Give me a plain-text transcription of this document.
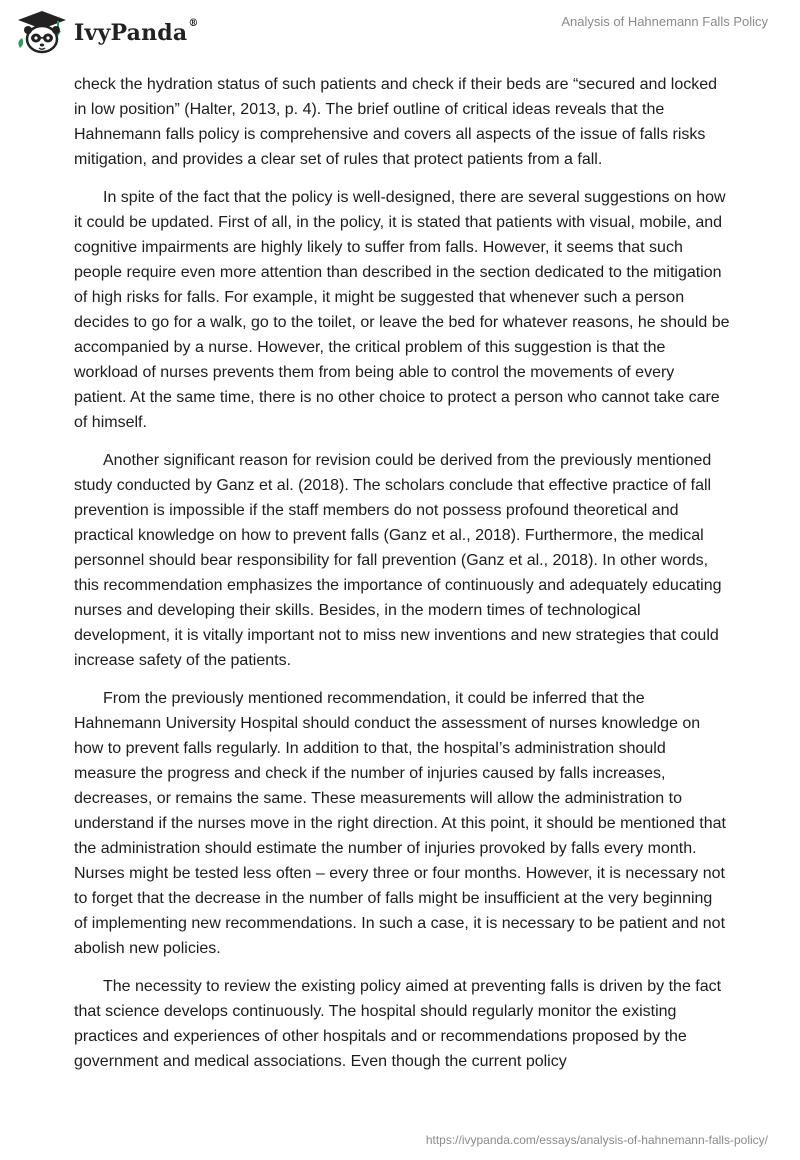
IvyPanda®	Analysis of Hahnemann Falls Policy

check the hydration status of such patients and check if their beds are “secured and locked in low position” (Halter, 2013, p. 4). The brief outline of critical ideas reveals that the Hahnemann falls policy is comprehensive and covers all aspects of the issue of falls risks mitigation, and provides a clear set of rules that protect patients from a fall.

In spite of the fact that the policy is well-designed, there are several suggestions on how it could be updated. First of all, in the policy, it is stated that patients with visual, mobile, and cognitive impairments are highly likely to suffer from falls. However, it seems that such people require even more attention than described in the section dedicated to the mitigation of high risks for falls. For example, it might be suggested that whenever such a person decides to go for a walk, go to the toilet, or leave the bed for whatever reasons, he should be accompanied by a nurse. However, the critical problem of this suggestion is that the workload of nurses prevents them from being able to control the movements of every patient. At the same time, there is no other choice to protect a person who cannot take care of himself.

Another significant reason for revision could be derived from the previously mentioned study conducted by Ganz et al. (2018). The scholars conclude that effective practice of fall prevention is impossible if the staff members do not possess profound theoretical and practical knowledge on how to prevent falls (Ganz et al., 2018). Furthermore, the medical personnel should bear responsibility for fall prevention (Ganz et al., 2018). In other words, this recommendation emphasizes the importance of continuously and adequately educating nurses and developing their skills. Besides, in the modern times of technological development, it is vitally important not to miss new inventions and new strategies that could increase safety of the patients.

From the previously mentioned recommendation, it could be inferred that the Hahnemann University Hospital should conduct the assessment of nurses knowledge on how to prevent falls regularly. In addition to that, the hospital’s administration should measure the progress and check if the number of injuries caused by falls increases, decreases, or remains the same. These measurements will allow the administration to understand if the nurses move in the right direction. At this point, it should be mentioned that the administration should estimate the number of injuries provoked by falls every month. Nurses might be tested less often – every three or four months. However, it is necessary not to forget that the decrease in the number of falls might be insufficient at the very beginning of implementing new recommendations. In such a case, it is necessary to be patient and not abolish new policies.

The necessity to review the existing policy aimed at preventing falls is driven by the fact that science develops continuously. The hospital should regularly monitor the existing practices and experiences of other hospitals and or recommendations proposed by the government and medical associations. Even though the current policy

https://ivypanda.com/essays/analysis-of-hahnemann-falls-policy/
